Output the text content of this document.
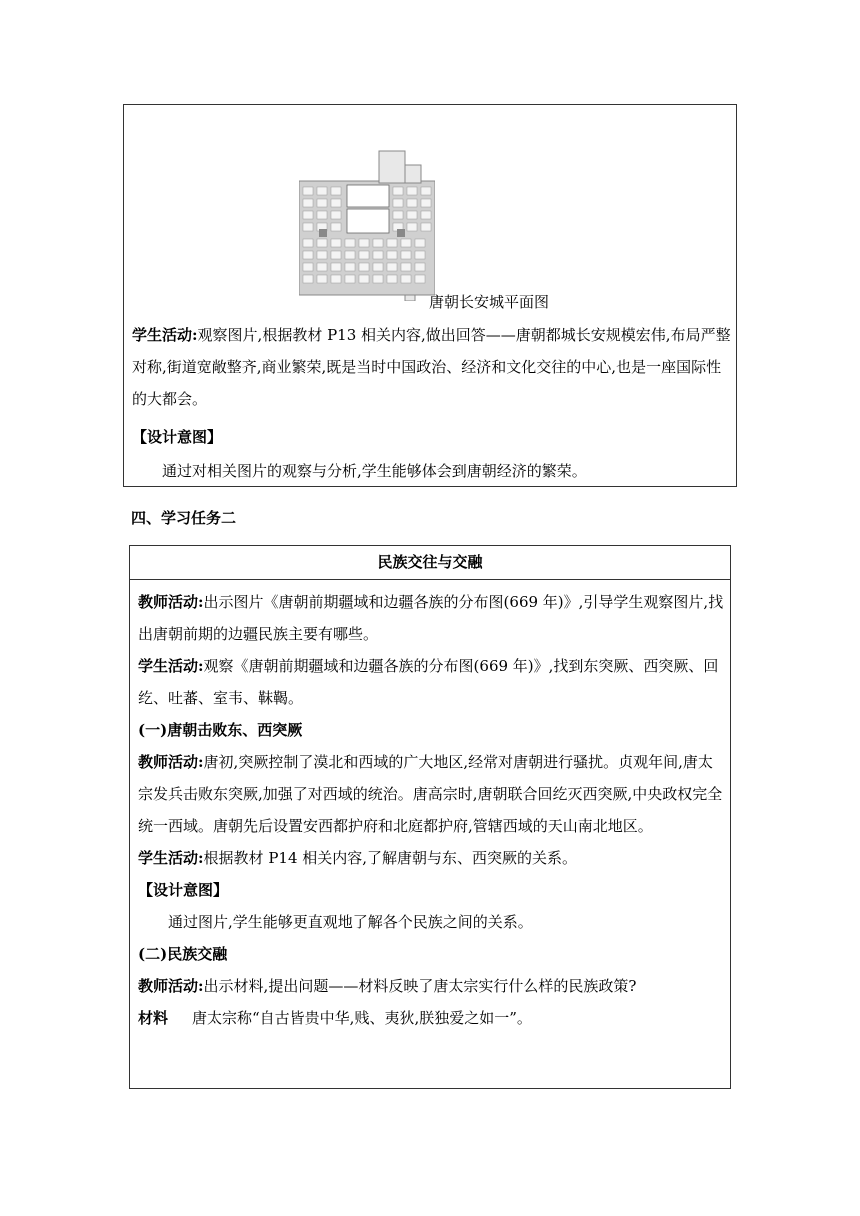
唐朝长安城平面图
学生活动:观察图片,根据教材 P13 相关内容,做出回答——唐朝都城长安规模宏伟,布局严整对称,街道宽敞整齐,商业繁荣,既是当时中国政治、经济和文化交往的中心,也是一座国际性的大都会。
【设计意图】
通过对相关图片的观察与分析,学生能够体会到唐朝经济的繁荣。
四、学习任务二
民族交往与交融

教师活动:出示图片《唐朝前期疆域和边疆各族的分布图(669 年)》,引导学生观察图片,找出唐朝前期的边疆民族主要有哪些。

学生活动:观察《唐朝前期疆域和边疆各族的分布图(669 年)》,找到东突厥、西突厥、回纥、吐蕃、室韦、靺鞨。

(一)唐朝击败东、西突厥

教师活动:唐初,突厥控制了漠北和西域的广大地区,经常对唐朝进行骚扰。贞观年间,唐太宗发兵击败东突厥,加强了对西域的统治。唐高宗时,唐朝联合回纥灭西突厥,中央政权完全统一西域。唐朝先后设置安西都护府和北庭都护府,管辖西域的天山南北地区。

学生活动:根据教材 P14 相关内容,了解唐朝与东、西突厥的关系。

【设计意图】

通过图片,学生能够更直观地了解各个民族之间的关系。

(二)民族交融

教师活动:出示材料,提出问题——材料反映了唐太宗实行什么样的民族政策?

材料 唐太宗称“自古皆贵中华,贱、夷狄,朕独爱之如一”。
